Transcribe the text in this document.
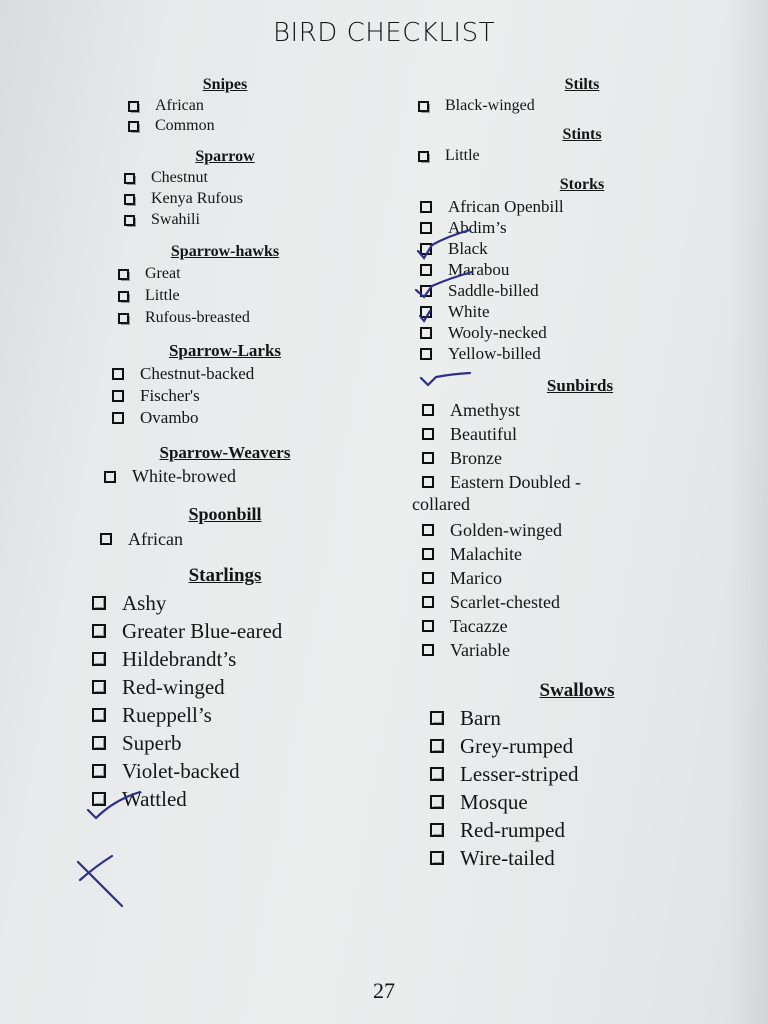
BIRD CHECKLIST
Snipes
African
Common
Sparrow
Chestnut
Kenya Rufous
Swahili
Sparrow-hawks
Great
Little
Rufous-breasted
Sparrow-Larks
Chestnut-backed
Fischer's
Ovambo
Sparrow-Weavers
White-browed
Spoonbill
African
Starlings
Ashy
Greater Blue-eared
Hildebrandt’s
Red-winged
Rueppell’s
Superb
Violet-backed
Wattled
Stilts
Black-winged
Stints
Little
Storks
African Openbill
Abdim’s
Black
Marabou
Saddle-billed
White
Wooly-necked
Yellow-billed
Sunbirds
Amethyst
Beautiful
Bronze
Eastern Doubled -
collared
Golden-winged
Malachite
Marico
Scarlet-chested
Tacazze
Variable
Swallows
Barn
Grey-rumped
Lesser-striped
Mosque
Red-rumped
Wire-tailed
27
